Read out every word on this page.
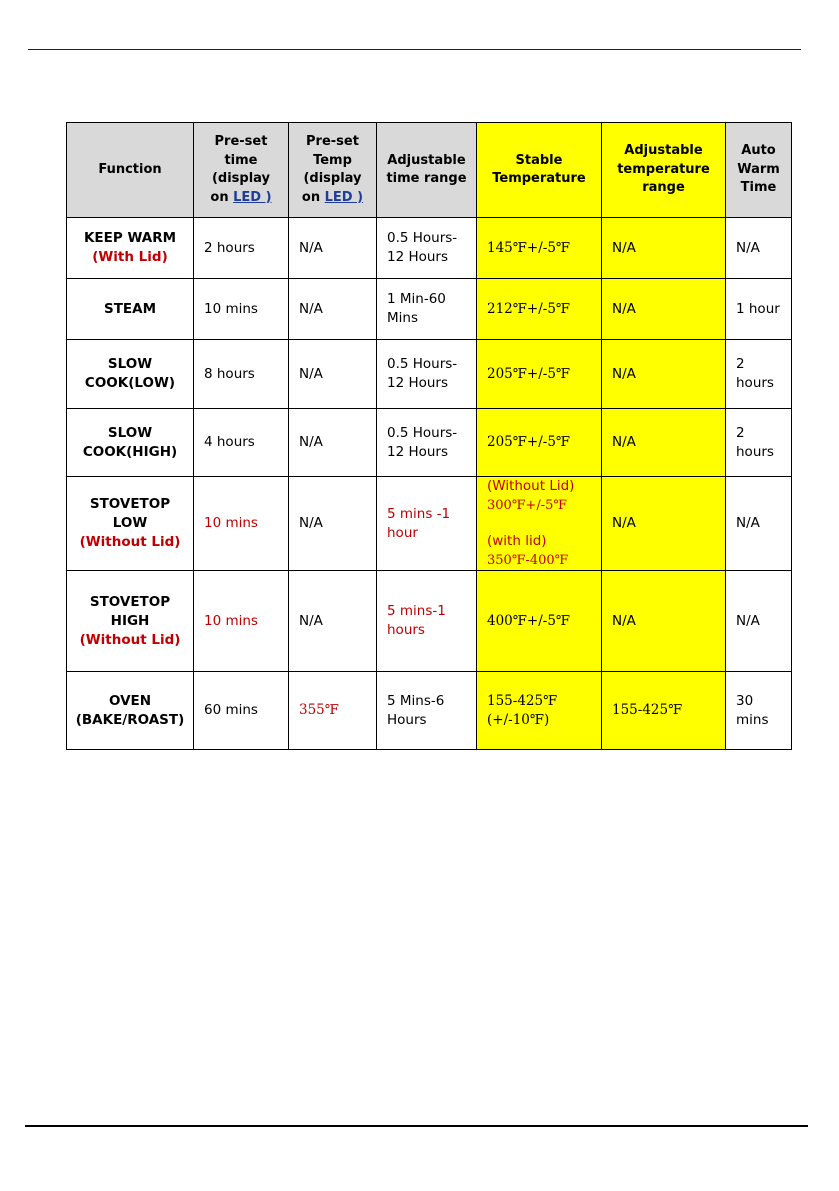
Function	Pre-set
time
(display
on LED )	Pre-set
Temp
(display
on LED )	Adjustable
time range	Stable
Temperature	Adjustable
temperature
range	Auto
Warm
Time
KEEP WARM
(With Lid)	2 hours	N/A	0.5 Hours-
12 Hours	145℉+/-5℉	N/A	N/A
STEAM	10 mins	N/A	1 Min-60
Mins	212℉+/-5℉	N/A	1 hour
SLOW
COOK(LOW)	8 hours	N/A	0.5 Hours-
12 Hours	205℉+/-5℉	N/A	2
hours
SLOW
COOK(HIGH)	4 hours	N/A	0.5 Hours-
12 Hours	205℉+/-5℉	N/A	2
hours
STOVETOP
LOW
(Without Lid)	10 mins	N/A	5 mins -1
hour	(Without Lid)
300℉+/-5℉
(with lid)
350℉-400℉	N/A	N/A
STOVETOP
HIGH
(Without Lid)	10 mins	N/A	5 mins-1
hours	400℉+/-5℉	N/A	N/A
OVEN
(BAKE/ROAST)	60 mins	355℉	5 Mins-6
Hours	155-425℉
(+/-10℉)	155-425℉	30
mins
